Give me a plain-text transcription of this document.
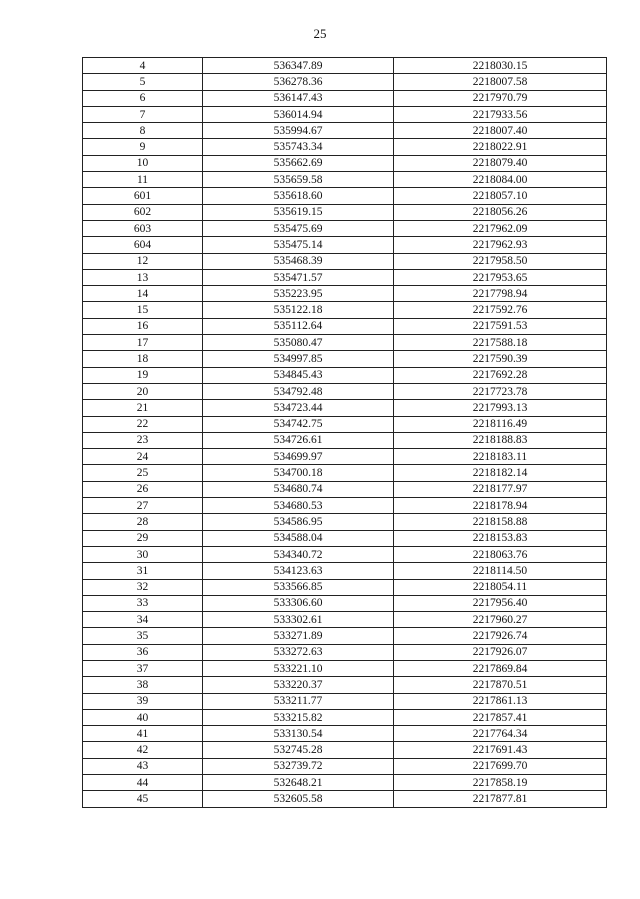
25
4	536347.89	2218030.15
5	536278.36	2218007.58
6	536147.43	2217970.79
7	536014.94	2217933.56
8	535994.67	2218007.40
9	535743.34	2218022.91
10	535662.69	2218079.40
11	535659.58	2218084.00
601	535618.60	2218057.10
602	535619.15	2218056.26
603	535475.69	2217962.09
604	535475.14	2217962.93
12	535468.39	2217958.50
13	535471.57	2217953.65
14	535223.95	2217798.94
15	535122.18	2217592.76
16	535112.64	2217591.53
17	535080.47	2217588.18
18	534997.85	2217590.39
19	534845.43	2217692.28
20	534792.48	2217723.78
21	534723.44	2217993.13
22	534742.75	2218116.49
23	534726.61	2218188.83
24	534699.97	2218183.11
25	534700.18	2218182.14
26	534680.74	2218177.97
27	534680.53	2218178.94
28	534586.95	2218158.88
29	534588.04	2218153.83
30	534340.72	2218063.76
31	534123.63	2218114.50
32	533566.85	2218054.11
33	533306.60	2217956.40
34	533302.61	2217960.27
35	533271.89	2217926.74
36	533272.63	2217926.07
37	533221.10	2217869.84
38	533220.37	2217870.51
39	533211.77	2217861.13
40	533215.82	2217857.41
41	533130.54	2217764.34
42	532745.28	2217691.43
43	532739.72	2217699.70
44	532648.21	2217858.19
45	532605.58	2217877.81
